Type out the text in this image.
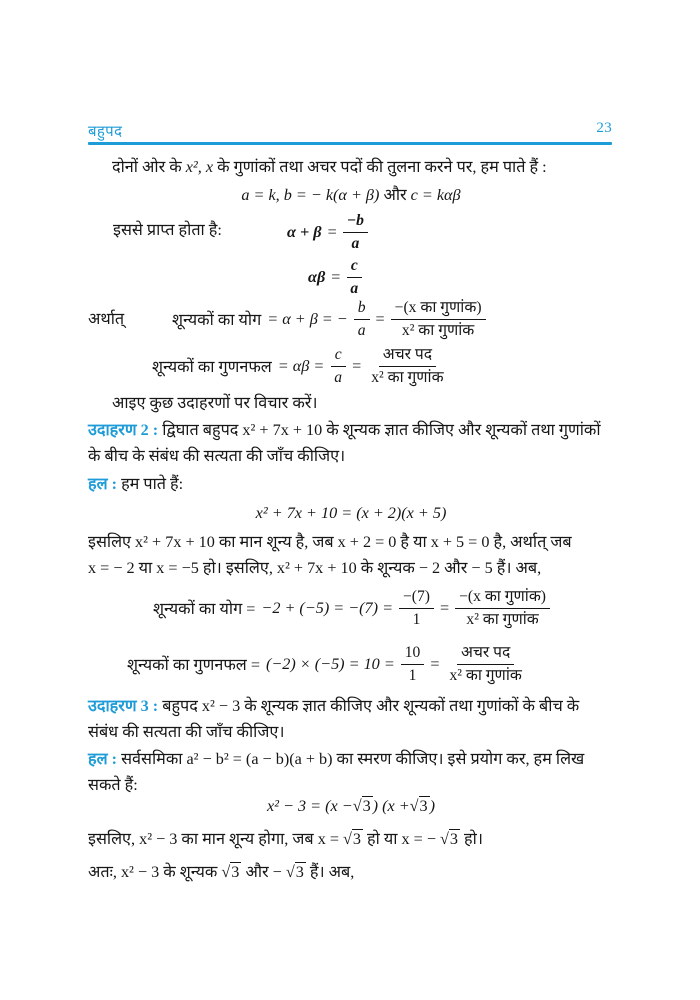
बहुपद	23
दोनों ओर के x², x के गुणांकों तथा अचर पदों की तुलना करने पर, हम पाते हैं :
a = k, b = − k(α + β) और c = kαβ
इससे प्राप्त होता है:	$\alpha + \beta = \frac{-b}{a}$
$\alpha\beta = \frac{c}{a}$
अर्थात्	शून्यकों का योग = α + β = − $\frac{b}{a} = \frac{\text{−(x का गुणांक)}}{\text{x² का गुणांक}}$
शून्यकों का गुणनफल = $\alpha\beta = \frac{c}{a} = \frac{\text{अचर पद}}{\text{x² का गुणांक}}$
आइए कुछ उदाहरणों पर विचार करें।
उदाहरण 2 : द्विघात बहुपद x² + 7x + 10 के शून्यक ज्ञात कीजिए और शून्यकों तथा गुणांकों
के बीच के संबंध की सत्यता की जाँच कीजिए।
हल : हम पाते हैं:
x² + 7x + 10 = (x + 2)(x + 5)
इसलिए x² + 7x + 10 का मान शून्य है, जब x + 2 = 0 है या x + 5 = 0 है, अर्थात् जब
x = − 2 या x = −5 हो। इसलिए, x² + 7x + 10 के शून्यक − 2 और − 5 हैं। अब,
शून्यकों का योग = $-2 + (-5) = -(7) = \frac{-(7)}{1} = \frac{\text{−(x का गुणांक)}}{\text{x² का गुणांक}}$
शून्यकों का गुणनफल = $(-2) \times (-5) = 10 = \frac{10}{1} = \frac{\text{अचर पद}}{\text{x² का गुणांक}}$
उदाहरण 3 : बहुपद x² − 3 के शून्यक ज्ञात कीजिए और शून्यकों तथा गुणांकों के बीच के
संबंध की सत्यता की जाँच कीजिए।
हल : सर्वसमिका a² − b² = (a − b)(a + b) का स्मरण कीजिए। इसे प्रयोग कर, हम लिख
सकते हैं:
x² − 3 = (x −√3 ) (x +√3 )
इसलिए, x² − 3 का मान शून्य होगा, जब x = √3 हो या x = − √3 हो।
अतः, x² − 3 के शून्यक √3 और − √3 हैं। अब,
